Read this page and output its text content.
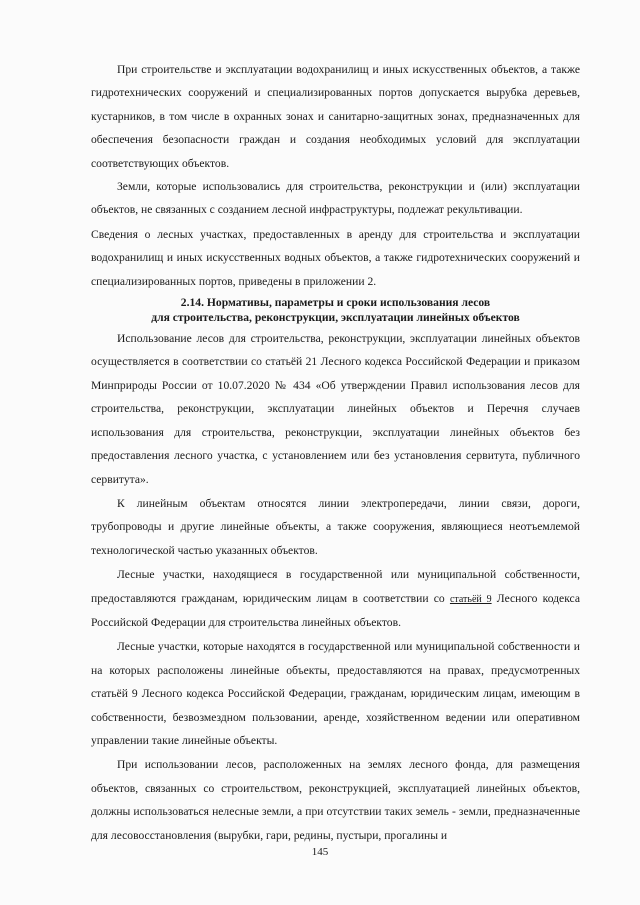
При строительстве и эксплуатации водохранилищ и иных искусственных объектов, а также гидротехнических сооружений и специализированных портов допускается вырубка деревьев, кустарников, в том числе в охранных зонах и санитарно-защитных зонах, предназначенных для обеспечения безопасности граждан и создания необходимых условий для эксплуатации соответствующих объектов.

Земли, которые использовались для строительства, реконструкции и (или) эксплуатации объектов, не связанных с созданием лесной инфраструктуры, подлежат рекультивации.

Сведения о лесных участках, предоставленных в аренду для строительства и эксплуатации водохранилищ и иных искусственных водных объектов, а также гидротехнических сооружений и специализированных портов, приведены в приложении 2.

2.14. Нормативы, параметры и сроки использования лесов
для строительства, реконструкции, эксплуатации линейных объектов

Использование лесов для строительства, реконструкции, эксплуатации линейных объектов осуществляется в соответствии со статьёй 21 Лесного кодекса Российской Федерации и приказом Минприроды России от 10.07.2020 № 434 «Об утверждении Правил использования лесов для строительства, реконструкции, эксплуатации линейных объектов и Перечня случаев использования для строительства, реконструкции, эксплуатации линейных объектов без предоставления лесного участка, с установлением или без установления сервитута, публичного сервитута».

К линейным объектам относятся линии электропередачи, линии связи, дороги, трубопроводы и другие линейные объекты, а также сооружения, являющиеся неотъемлемой технологической частью указанных объектов.

Лесные участки, находящиеся в государственной или муниципальной собственности, предоставляются гражданам, юридическим лицам в соответствии со статьёй 9 Лесного кодекса Российской Федерации для строительства линейных объектов.

Лесные участки, которые находятся в государственной или муниципальной собственности и на которых расположены линейные объекты, предоставляются на правах, предусмотренных статьёй 9 Лесного кодекса Российской Федерации, гражданам, юридическим лицам, имеющим в собственности, безвозмездном пользовании, аренде, хозяйственном ведении или оперативном управлении такие линейные объекты.

При использовании лесов, расположенных на землях лесного фонда, для размещения объектов, связанных со строительством, реконструкцией, эксплуатацией линейных объектов, должны использоваться нелесные земли, а при отсутствии таких земель - земли, предназначенные для лесовосстановления (вырубки, гари, редины, пустыри, прогалины и

145
